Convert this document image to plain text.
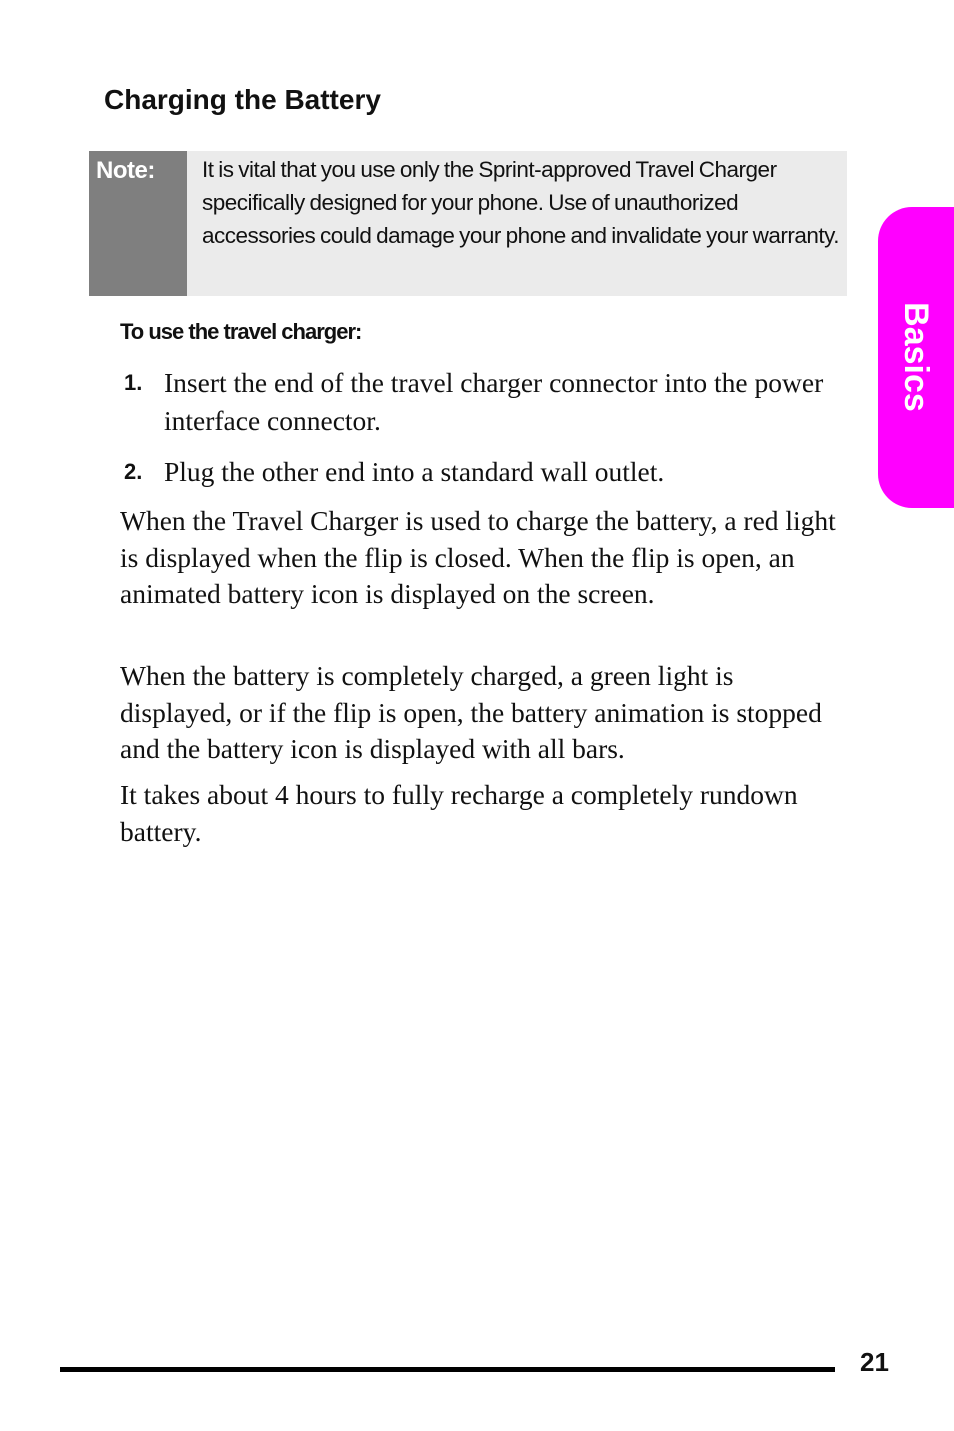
Charging the Battery
Note: It is vital that you use only the Sprint-approved Travel Charger specifically designed for your phone. Use of unauthorized accessories could damage your phone and invalidate your warranty.

To use the travel charger:
1. Insert the end of the travel charger connector into the power interface connector.
2. Plug the other end into a standard wall outlet.

When the Travel Charger is used to charge the battery, a red light is displayed when the flip is closed. When the flip is open, an animated battery icon is displayed on the screen.

When the battery is completely charged, a green light is displayed, or if the flip is open, the battery animation is stopped and the battery icon is displayed with all bars.

It takes about 4 hours to fully recharge a completely rundown battery.

Basics
21
